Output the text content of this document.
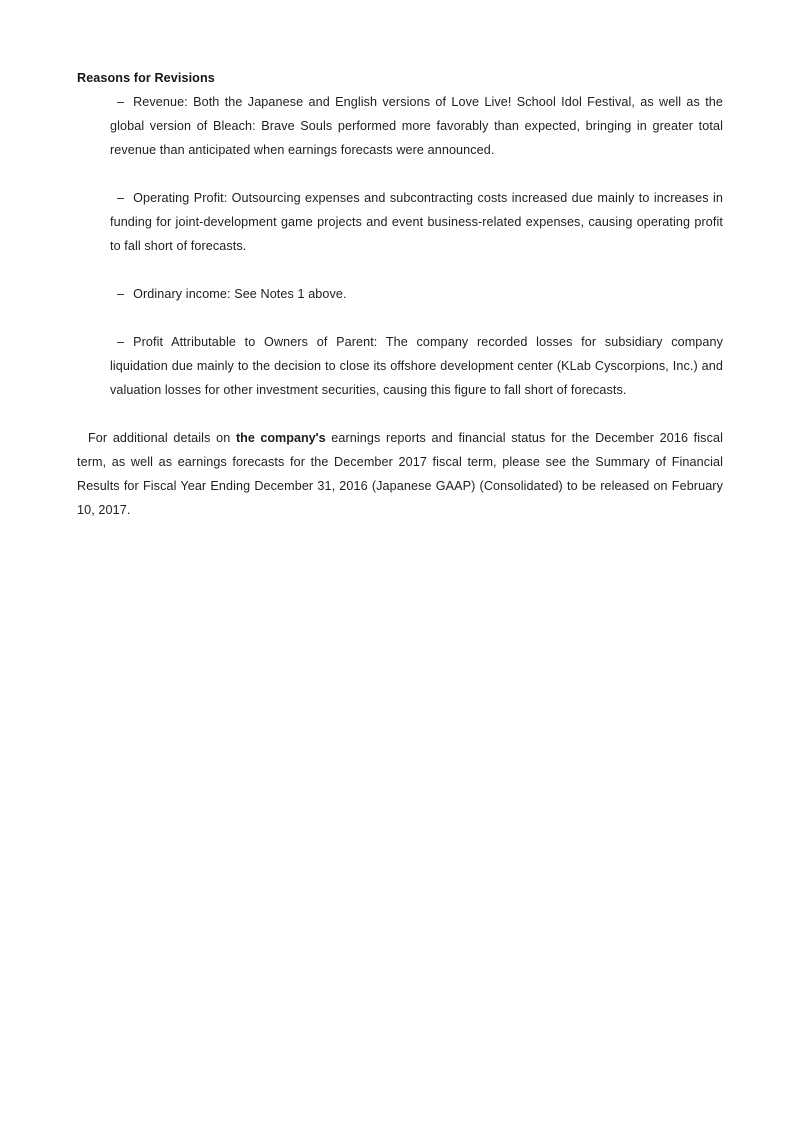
Reasons for Revisions

– Revenue: Both the Japanese and English versions of Love Live! School Idol Festival, as well as the global version of Bleach: Brave Souls performed more favorably than expected, bringing in greater total revenue than anticipated when earnings forecasts were announced.

– Operating Profit: Outsourcing expenses and subcontracting costs increased due mainly to increases in funding for joint-development game projects and event business-related expenses, causing operating profit to fall short of forecasts.

– Ordinary income: See Notes 1 above.

– Profit Attributable to Owners of Parent: The company recorded losses for subsidiary company liquidation due mainly to the decision to close its offshore development center (KLab Cyscorpions, Inc.) and valuation losses for other investment securities, causing this figure to fall short of forecasts.

For additional details on the company's earnings reports and financial status for the December 2016 fiscal term, as well as earnings forecasts for the December 2017 fiscal term, please see the Summary of Financial Results for Fiscal Year Ending December 31, 2016 (Japanese GAAP) (Consolidated) to be released on February 10, 2017.
